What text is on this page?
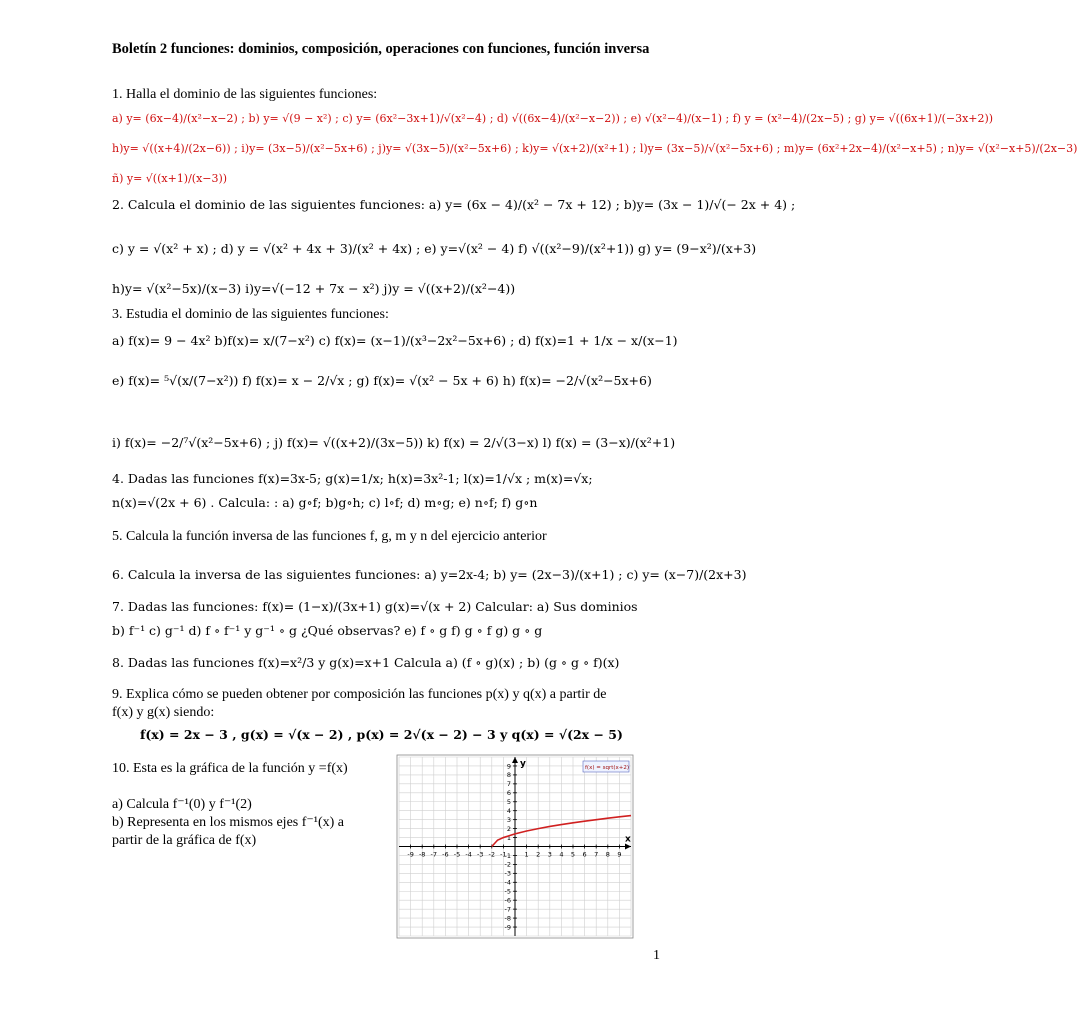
Boletín 2 funciones: dominios, composición, operaciones con funciones, función inversa
1. Halla el dominio de las siguientes funciones:
a) y= (6x−4)/(x²−x−2) ; b) y= √(9 − x²) ; c) y= (6x²−3x+1)/√(x²−4) ; d) √((6x−4)/(x²−x−2)) ; e) √(x²−4)/(x−1) ; f) y = (x²−4)/(2x−5) ; g) y= √((6x+1)/(−3x+2))
h)y= √((x+4)/(2x−6)) ; i)y= (3x−5)/(x²−5x+6) ; j)y= √(3x−5)/(x²−5x+6) ; k)y= √(x+2)/(x²+1) ; l)y= (3x−5)/√(x²−5x+6) ; m)y= (6x²+2x−4)/(x²−x+5) ; n)y= √(x²−x+5)/(2x−3)
ñ) y= √((x+1)/(x−3))
2. Calcula el dominio de las siguientes funciones: a) y= (6x − 4)/(x² − 7x + 12) ; b)y= (3x − 1)/√(− 2x + 4) ;
c) y = √(x² + x) ; d) y = √(x² + 4x + 3)/(x² + 4x) ; e) y=√(x² − 4) f) √((x²−9)/(x²+1)) g) y= (9−x²)/(x+3)
h)y= √(x²−5x)/(x−3) i)y=√(−12 + 7x − x²) j)y = √((x+2)/(x²−4))
3. Estudia el dominio de las siguientes funciones:
a) f(x)= 9 − 4x² b)f(x)= x/(7−x²) c) f(x)= (x−1)/(x³−2x²−5x+6) ; d) f(x)=1 + 1/x − x/(x−1)
e) f(x)= ⁵√(x/(7−x²)) f) f(x)= x − 2/√x ; g) f(x)= √(x² − 5x + 6) h) f(x)= −2/√(x²−5x+6)
i) f(x)= −2/⁷√(x²−5x+6) ; j) f(x)= √((x+2)/(3x−5)) k) f(x) = 2/√(3−x) l) f(x) = (3−x)/(x²+1)
4. Dadas las funciones f(x)=3x-5; g(x)=1/x; h(x)=3x²-1; l(x)=1/√x ; m(x)=√x;
n(x)=√(2x + 6) . Calcula: : a) g∘f; b)g∘h; c) l∘f; d) m∘g; e) n∘f; f) g∘n
5. Calcula la función inversa de las funciones f, g, m y n del ejercicio anterior
6. Calcula la inversa de las siguientes funciones: a) y=2x-4; b) y= (2x−3)/(x+1) ; c) y= (x−7)/(2x+3)
7. Dadas las funciones: f(x)= (1−x)/(3x+1) g(x)=√(x + 2) Calcular: a) Sus dominios
b) f⁻¹ c) g⁻¹ d) f ∘ f⁻¹ y g⁻¹ ∘ g ¿Qué observas? e) f ∘ g f) g ∘ f g) g ∘ g
8. Dadas las funciones f(x)=x²/3 y g(x)=x+1 Calcula a) (f ∘ g)(x) ; b) (g ∘ g ∘ f)(x)
9. Explica cómo se pueden obtener por composición las funciones p(x) y q(x) a partir de
f(x) y g(x) siendo:
f(x) = 2x − 3 , g(x) = √(x − 2) , p(x) = 2√(x − 2) − 3 y q(x) = √(2x − 5)
10. Esta es la gráfica de la función y =f(x)
a) Calcula f⁻¹(0) y f⁻¹(2)
b) Representa en los mismos ejes f⁻¹(x) a
partir de la gráfica de f(x)
-9 -8 -7 -6 -5 -4 -3 -2 -1	1 2 3 4 5 6 7 8 9
-9
-8
-7
-6
-5
-4
-3
-2
-1
1
2
3
4
5
6
7
8
9
x
y	f(x) = sqrt(x+2)
1
